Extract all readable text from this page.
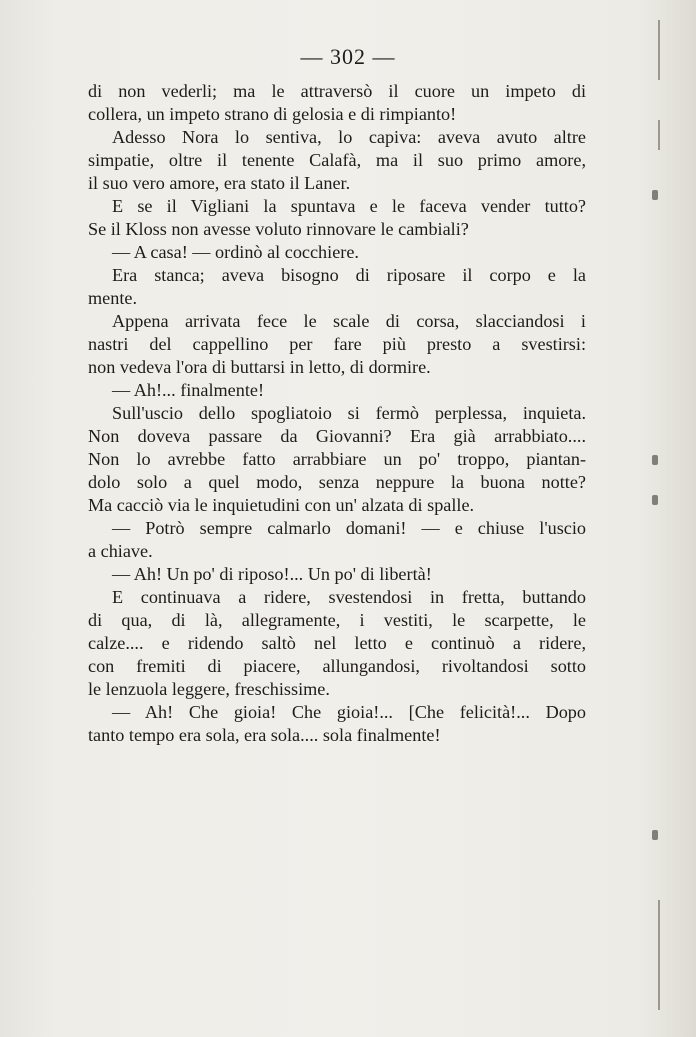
— 302 —
di non vederli; ma le attraversò il cuore un impeto di
collera, un impeto strano di gelosia e di rimpianto!
Adesso Nora lo sentiva, lo capiva: aveva avuto altre
simpatie, oltre il tenente Calafà, ma il suo primo amore,
il suo vero amore, era stato il Laner.
E se il Vigliani la spuntava e le faceva vender tutto?
Se il Kloss non avesse voluto rinnovare le cambiali?
— A casa! — ordinò al cocchiere.
Era stanca; aveva bisogno di riposare il corpo e la
mente.
Appena arrivata fece le scale di corsa, slacciandosi i
nastri del cappellino per fare più presto a svestirsi:
non vedeva l'ora di buttarsi in letto, di dormire.
— Ah!... finalmente!
Sull'uscio dello spogliatoio si fermò perplessa, inquieta.
Non doveva passare da Giovanni? Era già arrabbiato....
Non lo avrebbe fatto arrabbiare un po' troppo, piantan-
dolo solo a quel modo, senza neppure la buona notte?
Ma cacciò via le inquietudini con un' alzata di spalle.
— Potrò sempre calmarlo domani! — e chiuse l'uscio
a chiave.
— Ah! Un po' di riposo!... Un po' di libertà!
E continuava a ridere, svestendosi in fretta, buttando
di qua, di là, allegramente, i vestiti, le scarpette, le
calze.... e ridendo saltò nel letto e continuò a ridere,
con fremiti di piacere, allungandosi, rivoltandosi sotto
le lenzuola leggere, freschissime.
— Ah! Che gioia! Che gioia!... [Che felicità!... Dopo
tanto tempo era sola, era sola.... sola finalmente!
